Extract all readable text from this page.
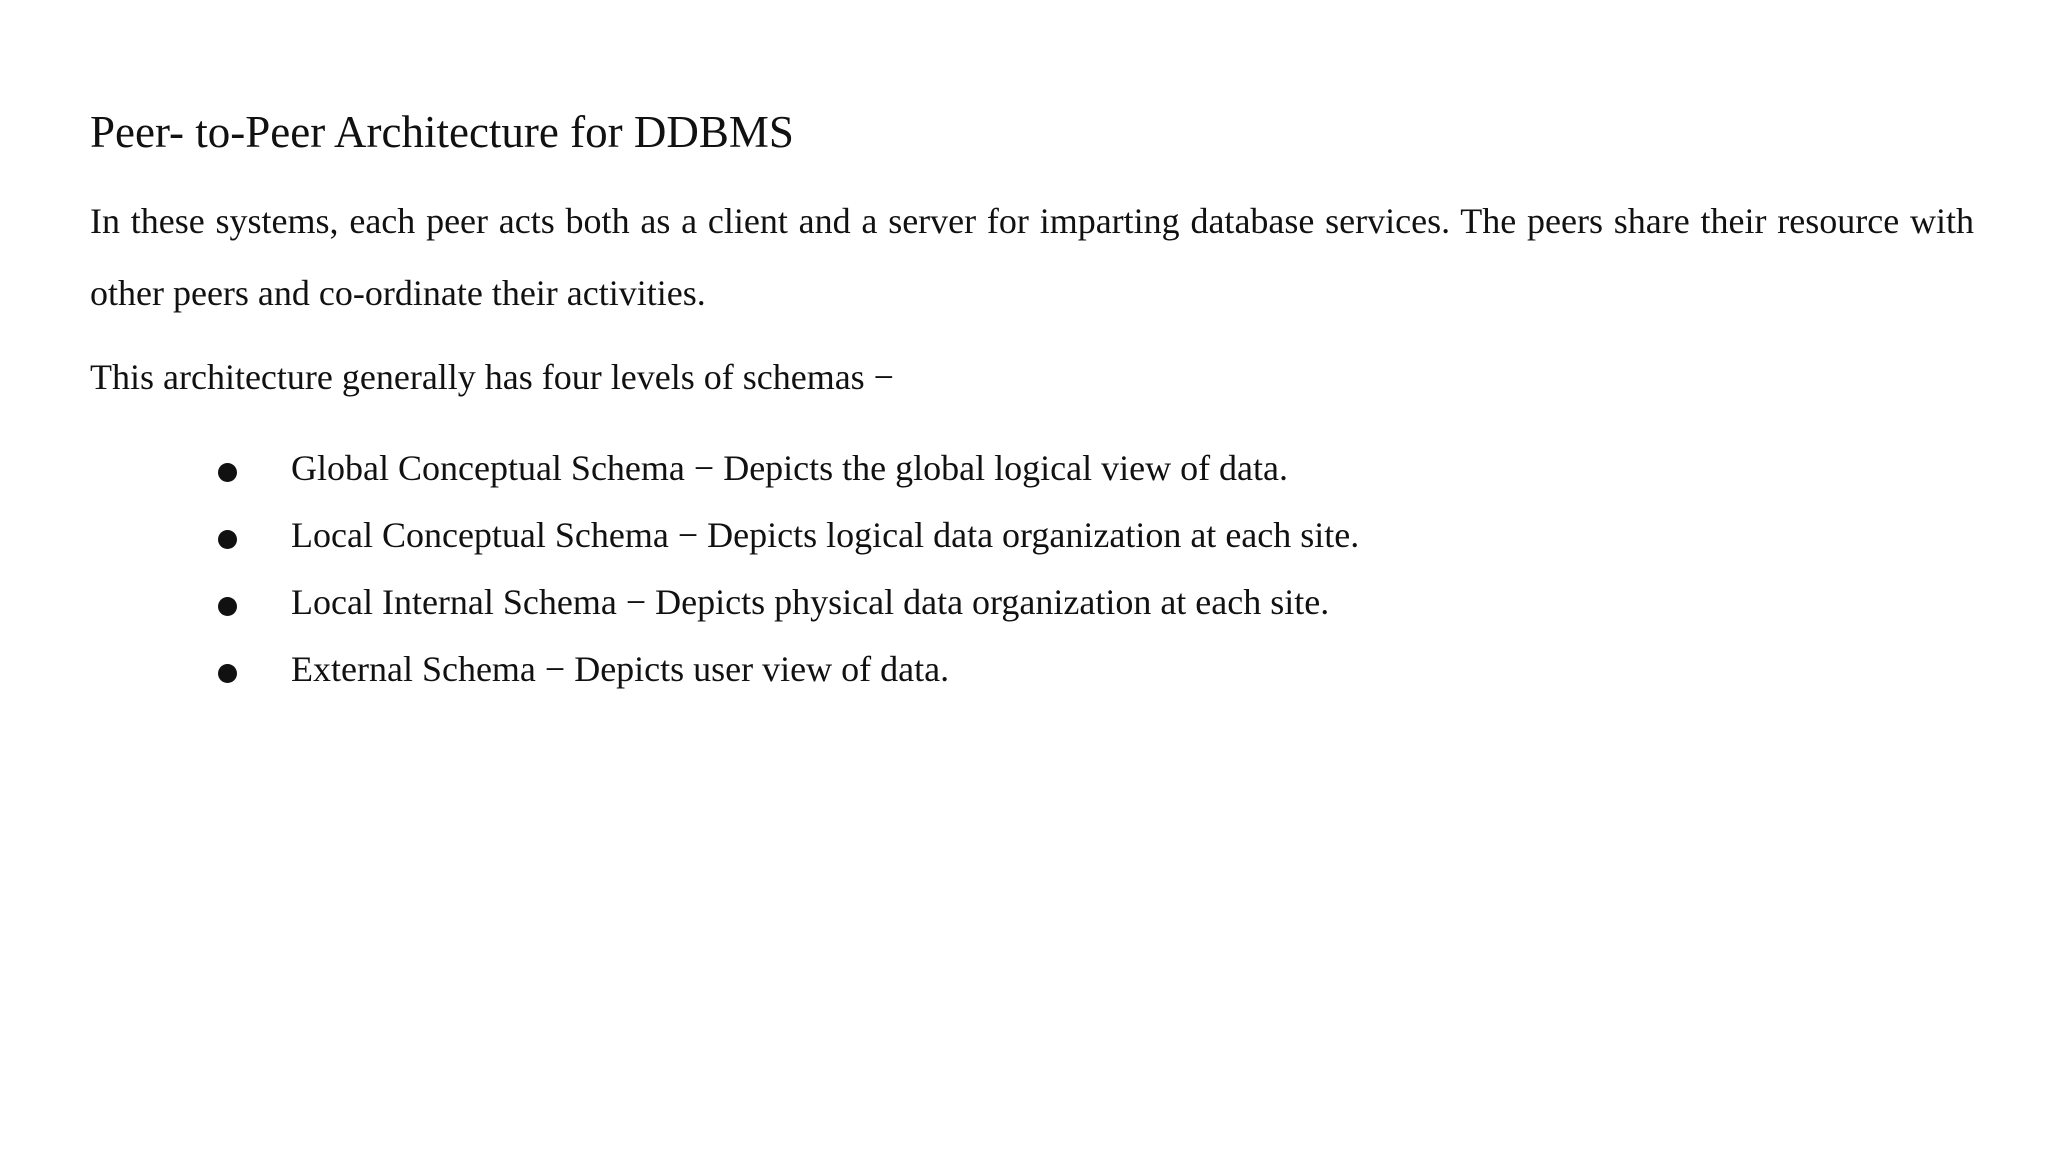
Peer- to-Peer Architecture for DDBMS

In these systems, each peer acts both as a client and a server for imparting database services. The peers share their resource with other peers and co-ordinate their activities.

This architecture generally has four levels of schemas −

Global Conceptual Schema − Depicts the global logical view of data.
Local Conceptual Schema − Depicts logical data organization at each site.
Local Internal Schema − Depicts physical data organization at each site.
External Schema − Depicts user view of data.
